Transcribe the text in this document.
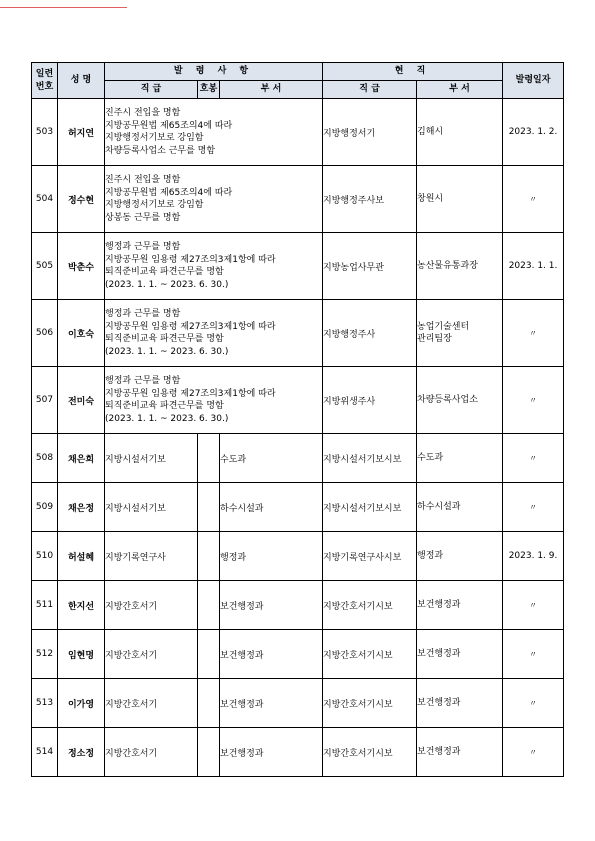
일련
번호	성 명	발 령 사 항			현 직		발령일자
		직 급	호봉	부 서	직 급	부 서	
503	허지연	진주시 전입을 명함
지방공무원법 제65조의4에 따라
지방행정서기보로 강임함
차량등록사업소 근무를 명함			지방행정서기	김해시	2023. 1. 2.
504	정수현	진주시 전입을 명함
지방공무원법 제65조의4에 따라
지방행정서기보로 강임함
상봉동 근무를 명함			지방행정주사보	창원시	〃
505	박춘수	행정과 근무를 명함
지방공무원 임용령 제27조의3제1항에 따라
퇴직준비교육 파견근무를 명함
(2023. 1. 1. ~ 2023. 6. 30.)			지방농업사무관	농산물유통과장	2023. 1. 1.
506	이호숙	행정과 근무를 명함
지방공무원 임용령 제27조의3제1항에 따라
퇴직준비교육 파견근무를 명함
(2023. 1. 1. ~ 2023. 6. 30.)			지방행정주사	농업기술센터
관리팀장	〃
507	전미숙	행정과 근무를 명함
지방공무원 임용령 제27조의3제1항에 따라
퇴직준비교육 파견근무를 명함
(2023. 1. 1. ~ 2023. 6. 30.)			지방위생주사	차량등록사업소	〃
508	채은희	지방시설서기보		수도과	지방시설서기보시보	수도과	〃
509	채은정	지방시설서기보		하수시설과	지방시설서기보시보	하수시설과	〃
510	허설혜	지방기록연구사		행정과	지방기록연구사시보	행정과	2023. 1. 9.
511	한지선	지방간호서기		보건행정과	지방간호서기시보	보건행정과	〃
512	임현명	지방간호서기		보건행정과	지방간호서기시보	보건행정과	〃
513	이가영	지방간호서기		보건행정과	지방간호서기시보	보건행정과	〃
514	정소정	지방간호서기		보건행정과	지방간호서기시보	보건행정과	〃
